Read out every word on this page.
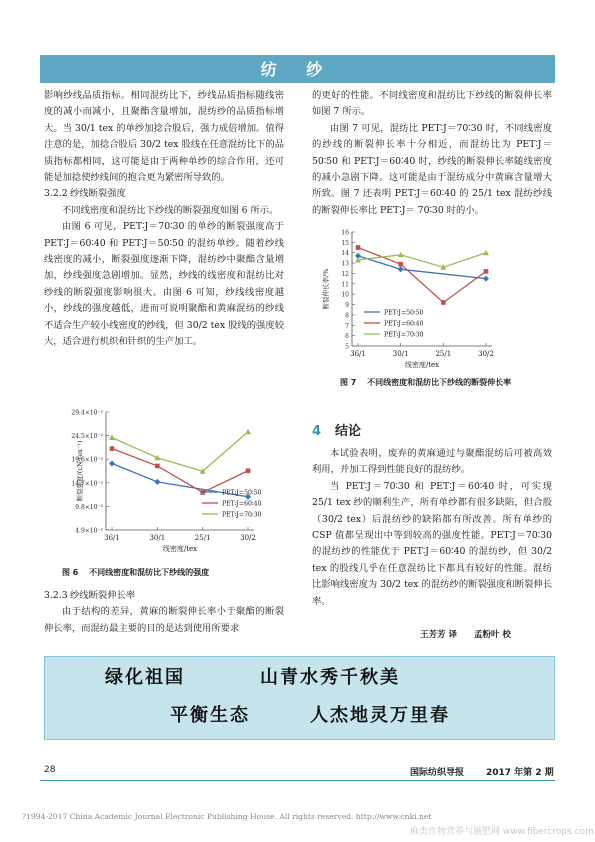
纺 纱

影响纱线品质指标。相同混纺比下，纱线品质指标随线密度的减小而减小，且聚酯含量增加，混纺纱的品质指标增大。当 30/1 tex 的单纱加捻合股后，强力成倍增加。值得注意的是，加捻合股后 30/2 tex 股线在任意混纺比下的品质指标都相同，这可能是由于两种单纱的综合作用，还可能是加捻使纱线间的抱合更为紧密所导致的。

3.2.2 纱线断裂强度

不同线密度和混纺比下纱线的断裂强度如图 6 所示。

由图 6 可见，PET∶J＝70∶30 的单纱的断裂强度高于 PET∶J＝60∶40 和 PET∶J＝50∶50 的混纺单纱。随着纱线线密度的减小，断裂强度逐渐下降，混纺纱中聚酯含量增加，纱线强度急剧增加。显然，纱线的线密度和混纺比对纱线的断裂强度影响很大。由图 6 可知，纱线线密度越小，纱线的强度越低，进而可说明聚酯和黄麻混纺的纱线不适合生产较小线密度的纱线，但 30/2 tex 股线的强度较大，适合进行机织和针织的生产加工。

4.9×10⁻²
9.8×10⁻²
14.7×10⁻²
19.6×10⁻²
24.5×10⁻²
29.4×10⁻²
36/1	30/1	25/1	30/2
线密度/tex
断裂强度/(cN·tex⁻¹)	PET∶J=50∶50
PET∶J=60∶40
PET∶J=70∶30
图 6 不同线密度和混纺比下纱线的强度
3.2.3 纱线断裂伸长率

由于结构的差异，黄麻的断裂伸长率小于聚酯的断裂伸长率，而混纺最主要的目的是达到使用所要求

的更好的性能。不同线密度和混纺比下纱线的断裂伸长率如图 7 所示。

由图 7 可见，混纺比 PET∶J＝70∶30 时，不同线密度的纱线的断裂伸长率十分相近，而混纺比为 PET∶J＝50∶50 和 PET∶J＝60∶40 时，纱线的断裂伸长率随线密度的减小急剧下降。这可能是由于混纺成分中黄麻含量增大所致。图 7 还表明 PET∶J＝60∶40 的 25/1 tex 混纺纱线的断裂伸长率比 PET∶J＝ 70∶30 时的小。

5
6
7
8
9
10
11
12
13
14
15
16
36/1	30/1	25/1	30/2
线密度/tex
断裂伸长率/%
PET∶J=50∶50
PET∶J=60∶40
PET∶J=70∶30
图 7 不同线密度和混纺比下纱线的断裂伸长率
4 结论

本试验表明，废弃的黄麻通过与聚酯混纺后可被高效利用，并加工得到性能良好的混纺纱。

当 PET∶J＝70∶30 和 PET∶J＝60∶40 时，可实现 25/1 tex 纱的顺利生产，所有单纱都有很多缺陷，但合股（30/2 tex）后混纺纱的缺陷都有所改善。所有单纱的 CSP 值都呈现出中等到较高的强度性能。PET∶J＝70∶30 的混纺纱的性能优于 PET∶J＝60∶40 的混纺纱，但 30/2 tex 的股线几乎在任意混纺比下都具有较好的性能。混纺比影响线密度为 30/2 tex 的混纺纱的断裂强度和断裂伸长率。

王芳芳 译　　孟粉叶 校
绿化祖国	山青水秀千秋美
平衡生态	人杰地灵万里春
28	国际纺织导报 2017 年第 2 期
?1994-2017 China Academic Journal Electronic Publishing House. All rights reserved. http://www.cnki.net
麻类作物营养与施肥网 www.fibercrops.com
